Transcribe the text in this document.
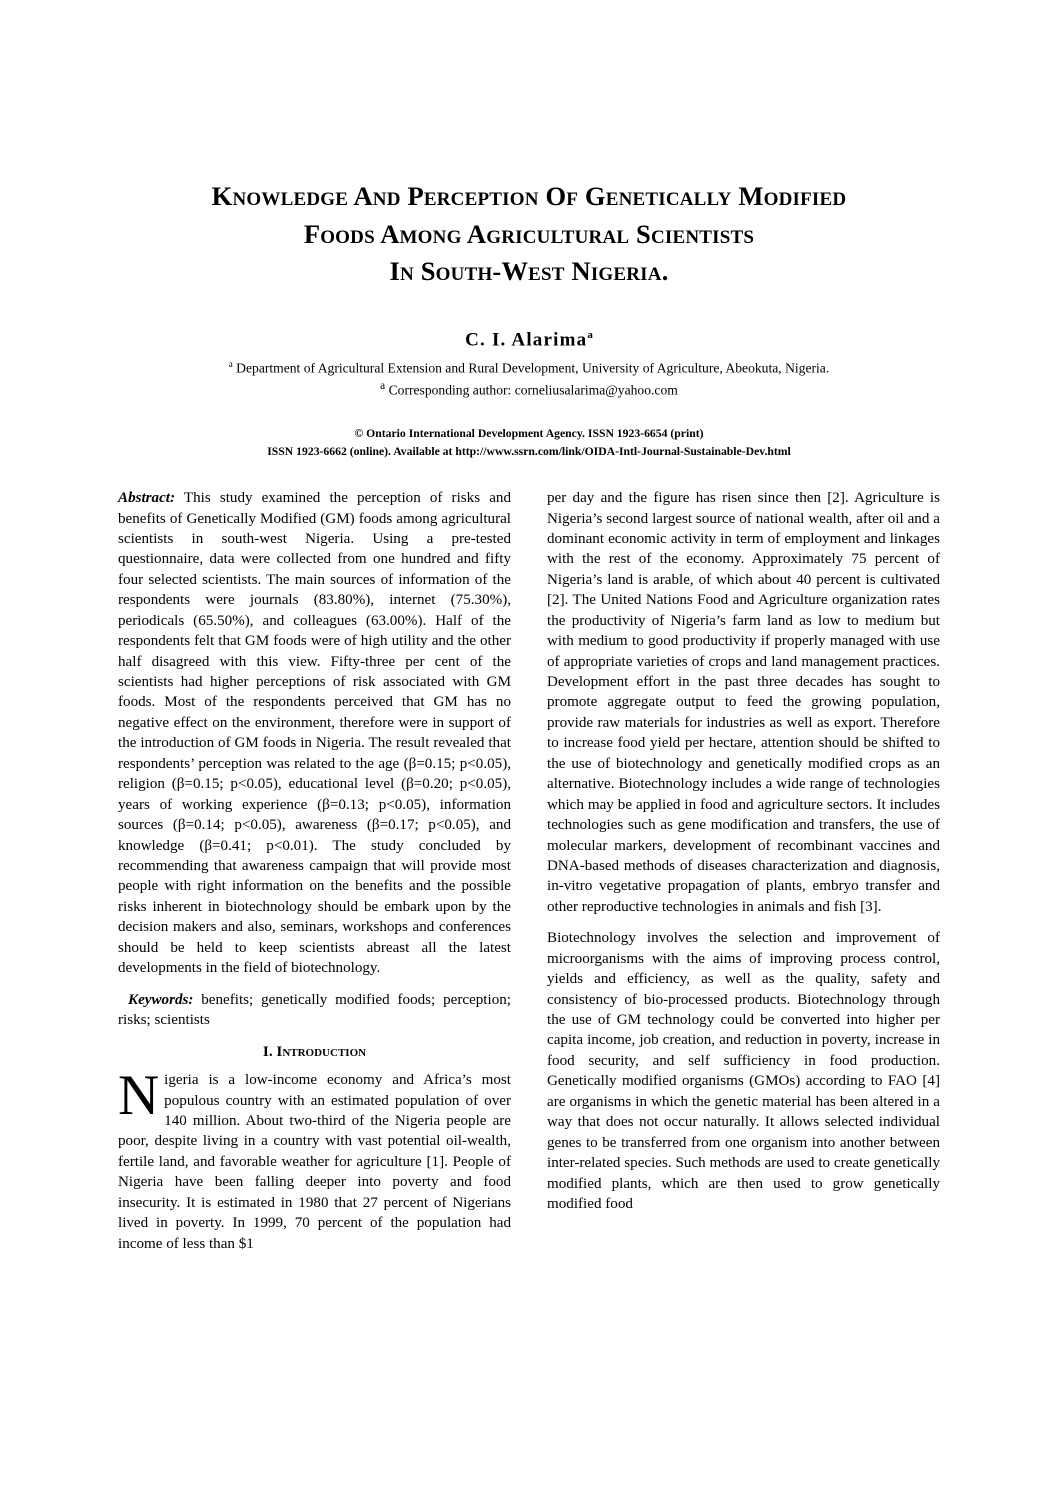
Knowledge And Perception Of Genetically Modified
Foods Among Agricultural Scientists
In South-West Nigeria.
C. I. Alarima$^a$
$^a$ Department of Agricultural Extension and Rural Development, University of Agriculture, Abeokuta, Nigeria.
$^a$ Corresponding author: corneliusalarima@yahoo.com
© Ontario International Development Agency. ISSN 1923-6654 (print)
ISSN 1923-6662 (online). Available at http://www.ssrn.com/link/OIDA-Intl-Journal-Sustainable-Dev.html

Abstract: This study examined the perception of risks and benefits of Genetically Modified (GM) foods among agricultural scientists in south-west Nigeria. Using a pre-tested questionnaire, data were collected from one hundred and fifty four selected scientists. The main sources of information of the respondents were journals (83.80%), internet (75.30%), periodicals (65.50%), and colleagues (63.00%). Half of the respondents felt that GM foods were of high utility and the other half disagreed with this view. Fifty-three per cent of the scientists had higher perceptions of risk associated with GM foods. Most of the respondents perceived that GM has no negative effect on the environment, therefore were in support of the introduction of GM foods in Nigeria. The result revealed that respondents’ perception was related to the age (β=0.15; p<0.05), religion (β=0.15; p<0.05), educational level (β=0.20; p<0.05), years of working experience (β=0.13; p<0.05), information sources (β=0.14; p<0.05), awareness (β=0.17; p<0.05), and knowledge (β=0.41; p<0.01). The study concluded by recommending that awareness campaign that will provide most people with right information on the benefits and the possible risks inherent in biotechnology should be embark upon by the decision makers and also, seminars, workshops and conferences should be held to keep scientists abreast all the latest developments in the field of biotechnology.

Keywords: benefits; genetically modified foods; perception; risks; scientists

I. Introduction

Nigeria is a low-income economy and Africa’s most populous country with an estimated population of over 140 million. About two-third of the Nigeria people are poor, despite living in a country with vast potential oil-wealth, fertile land, and favorable weather for agriculture [1]. People of Nigeria have been falling deeper into poverty and food insecurity. It is estimated in 1980 that 27 percent of Nigerians lived in poverty. In 1999, 70 percent of the population had income of less than $1

per day and the figure has risen since then [2]. Agriculture is Nigeria’s second largest source of national wealth, after oil and a dominant economic activity in term of employment and linkages with the rest of the economy. Approximately 75 percent of Nigeria’s land is arable, of which about 40 percent is cultivated [2]. The United Nations Food and Agriculture organization rates the productivity of Nigeria’s farm land as low to medium but with medium to good productivity if properly managed with use of appropriate varieties of crops and land management practices. Development effort in the past three decades has sought to promote aggregate output to feed the growing population, provide raw materials for industries as well as export. Therefore to increase food yield per hectare, attention should be shifted to the use of biotechnology and genetically modified crops as an alternative. Biotechnology includes a wide range of technologies which may be applied in food and agriculture sectors. It includes technologies such as gene modification and transfers, the use of molecular markers, development of recombinant vaccines and DNA-based methods of diseases characterization and diagnosis, in-vitro vegetative propagation of plants, embryo transfer and other reproductive technologies in animals and fish [3].

Biotechnology involves the selection and improvement of microorganisms with the aims of improving process control, yields and efficiency, as well as the quality, safety and consistency of bio-processed products. Biotechnology through the use of GM technology could be converted into higher per capita income, job creation, and reduction in poverty, increase in food security, and self sufficiency in food production. Genetically modified organisms (GMOs) according to FAO [4] are organisms in which the genetic material has been altered in a way that does not occur naturally. It allows selected individual genes to be transferred from one organism into another between inter-related species. Such methods are used to create genetically modified plants, which are then used to grow genetically modified food
